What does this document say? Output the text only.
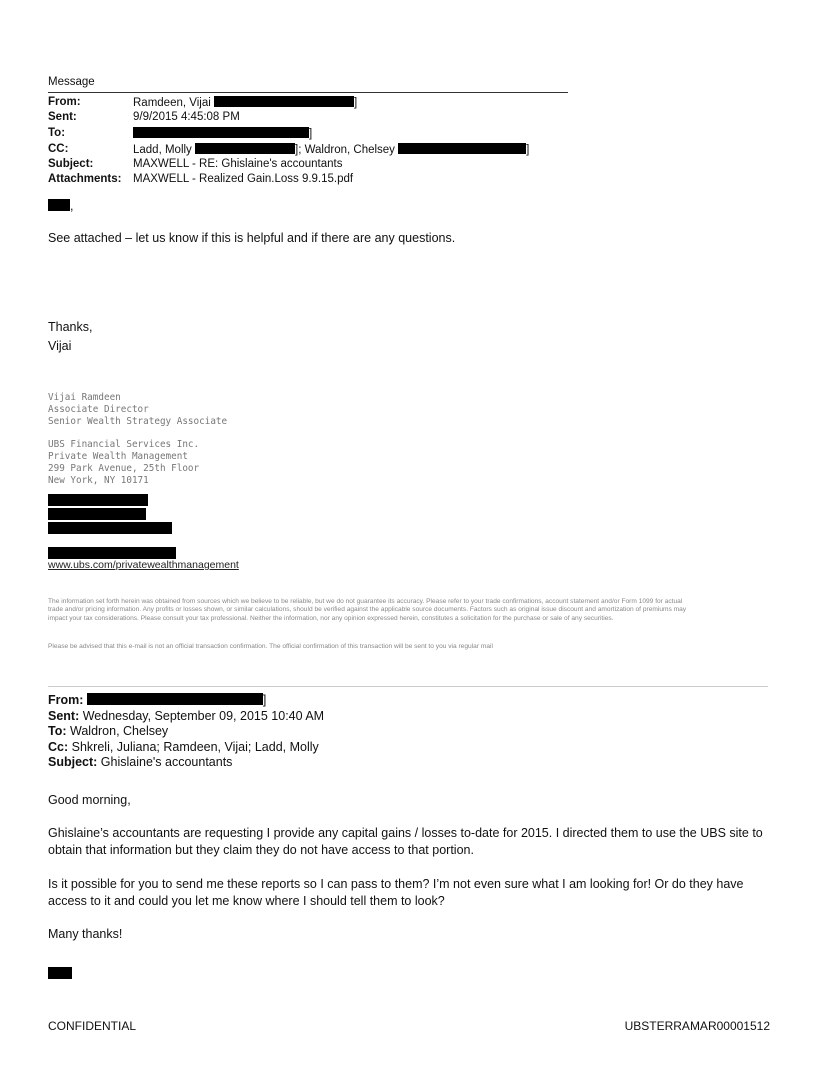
Message
From:	Ramdeen, Vijai	]
Sent:	9/9/2015 4:45:08 PM
To:	]
CC:	Ladd, Molly	]; Waldron, Chelsey	]
Subject:	MAXWELL - RE: Ghislaine's accountants
Attachments: MAXWELL - Realized Gain.Loss 9.9.15.pdf
,
See attached – let us know if this is helpful and if there are any questions.
Thanks,
Vijai
Vijai Ramdeen
Associate Director
Senior Wealth Strategy Associate
UBS Financial Services Inc.
Private Wealth Management
299 Park Avenue, 25th Floor
New York, NY 10171
www.ubs.com/privatewealthmanagement
The information set forth herein was obtained from sources which we believe to be reliable, but we do not guarantee its accuracy. Please refer to your trade confirmations, account statement and/or Form 1099 for actual trade and/or pricing information. Any profits or losses shown, or similar calculations, should be verified against the applicable source documents. Factors such as original issue discount and amortization of premiums may impact your tax considerations. Please consult your tax professional. Neither the information, nor any opinion expressed herein, constitutes a solicitation for the purchase or sale of any securities.
Please be advised that this e-mail is not an official transaction confirmation. The official confirmation of this transaction will be sent to you via regular mail
From:	]
Sent: Wednesday, September 09, 2015 10:40 AM
To: Waldron, Chelsey
Cc: Shkreli, Juliana; Ramdeen, Vijai; Ladd, Molly
Subject: Ghislaine's accountants
Good morning,
Ghislaine’s accountants are requesting I provide any capital gains / losses to-date for 2015. I directed them to use the UBS site to obtain that information but they claim they do not have access to that portion.
Is it possible for you to send me these reports so I can pass to them? I’m not even sure what I am looking for! Or do they have access to it and could you let me know where I should tell them to look?
Many thanks!
CONFIDENTIAL	UBSTERRAMAR00001512
